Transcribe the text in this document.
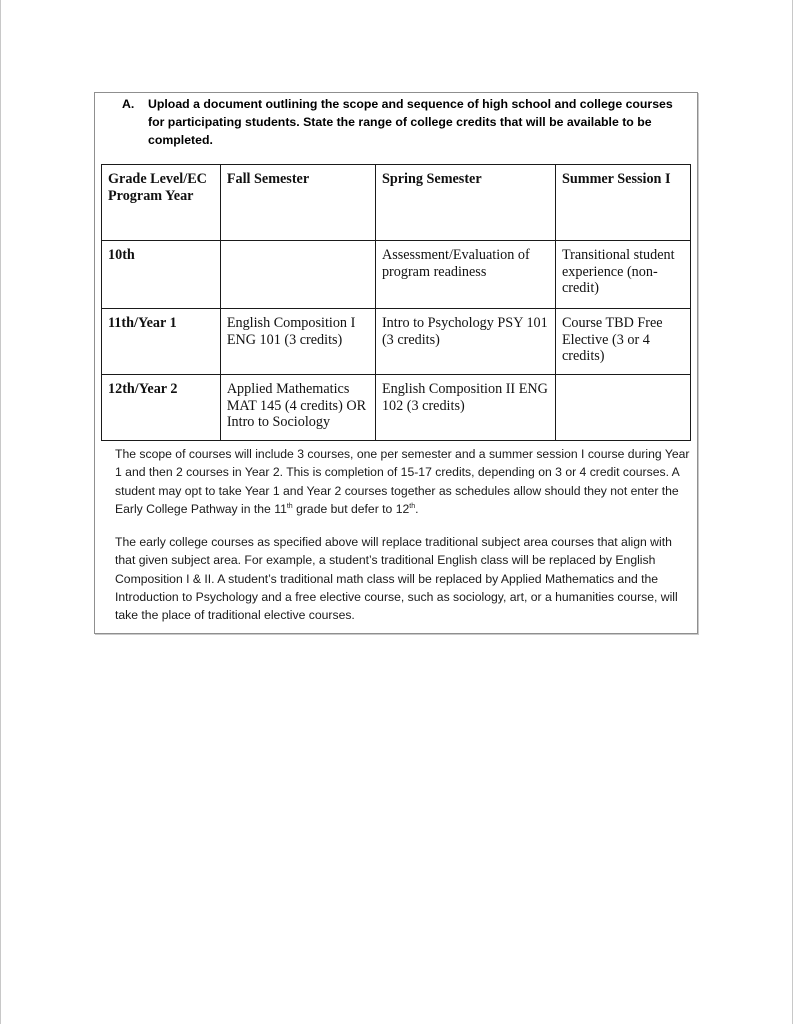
A. Upload a document outlining the scope and sequence of high school and college courses for participating students. State the range of college credits that will be available to be completed.
Grade Level/EC Program Year	Fall Semester	Spring Semester	Summer Session I
10th		Assessment/Evaluation of program readiness	Transitional student experience (non-credit)
11th/Year 1	English Composition I ENG 101 (3 credits)	Intro to Psychology PSY 101 (3 credits)	Course TBD Free Elective (3 or 4 credits)
12th/Year 2	Applied Mathematics MAT 145 (4 credits) OR Intro to Sociology	English Composition II ENG 102 (3 credits)	
The scope of courses will include 3 courses, one per semester and a summer session I course during Year 1 and then 2 courses in Year 2. This is completion of 15-17 credits, depending on 3 or 4 credit courses. A student may opt to take Year 1 and Year 2 courses together as schedules allow should they not enter the Early College Pathway in the 11th grade but defer to 12th.
The early college courses as specified above will replace traditional subject area courses that align with that given subject area. For example, a student’s traditional English class will be replaced by English Composition I & II. A student’s traditional math class will be replaced by Applied Mathematics and the Introduction to Psychology and a free elective course, such as sociology, art, or a humanities course, will take the place of traditional elective courses.
